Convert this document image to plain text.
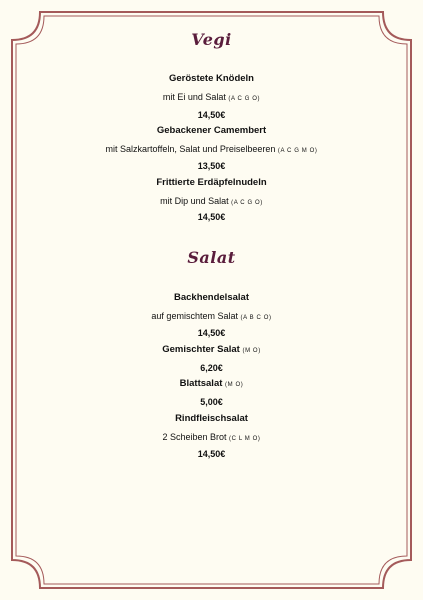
Vegi
Geröstete Knödeln
mit Ei und Salat (A C G O)
14,50€
Gebackener Camembert
mit Salzkartoffeln, Salat und Preiselbeeren (A C G M O)
13,50€
Frittierte Erdäpfelnudeln
mit Dip und Salat (A C G O)
14,50€
Salat
Backhendelsalat
auf gemischtem Salat (A B C O)
14,50€
Gemischter Salat (M O)
6,20€
Blattsalat (M O)
5,00€
Rindfleischsalat
2 Scheiben Brot (C L M O)
14,50€
